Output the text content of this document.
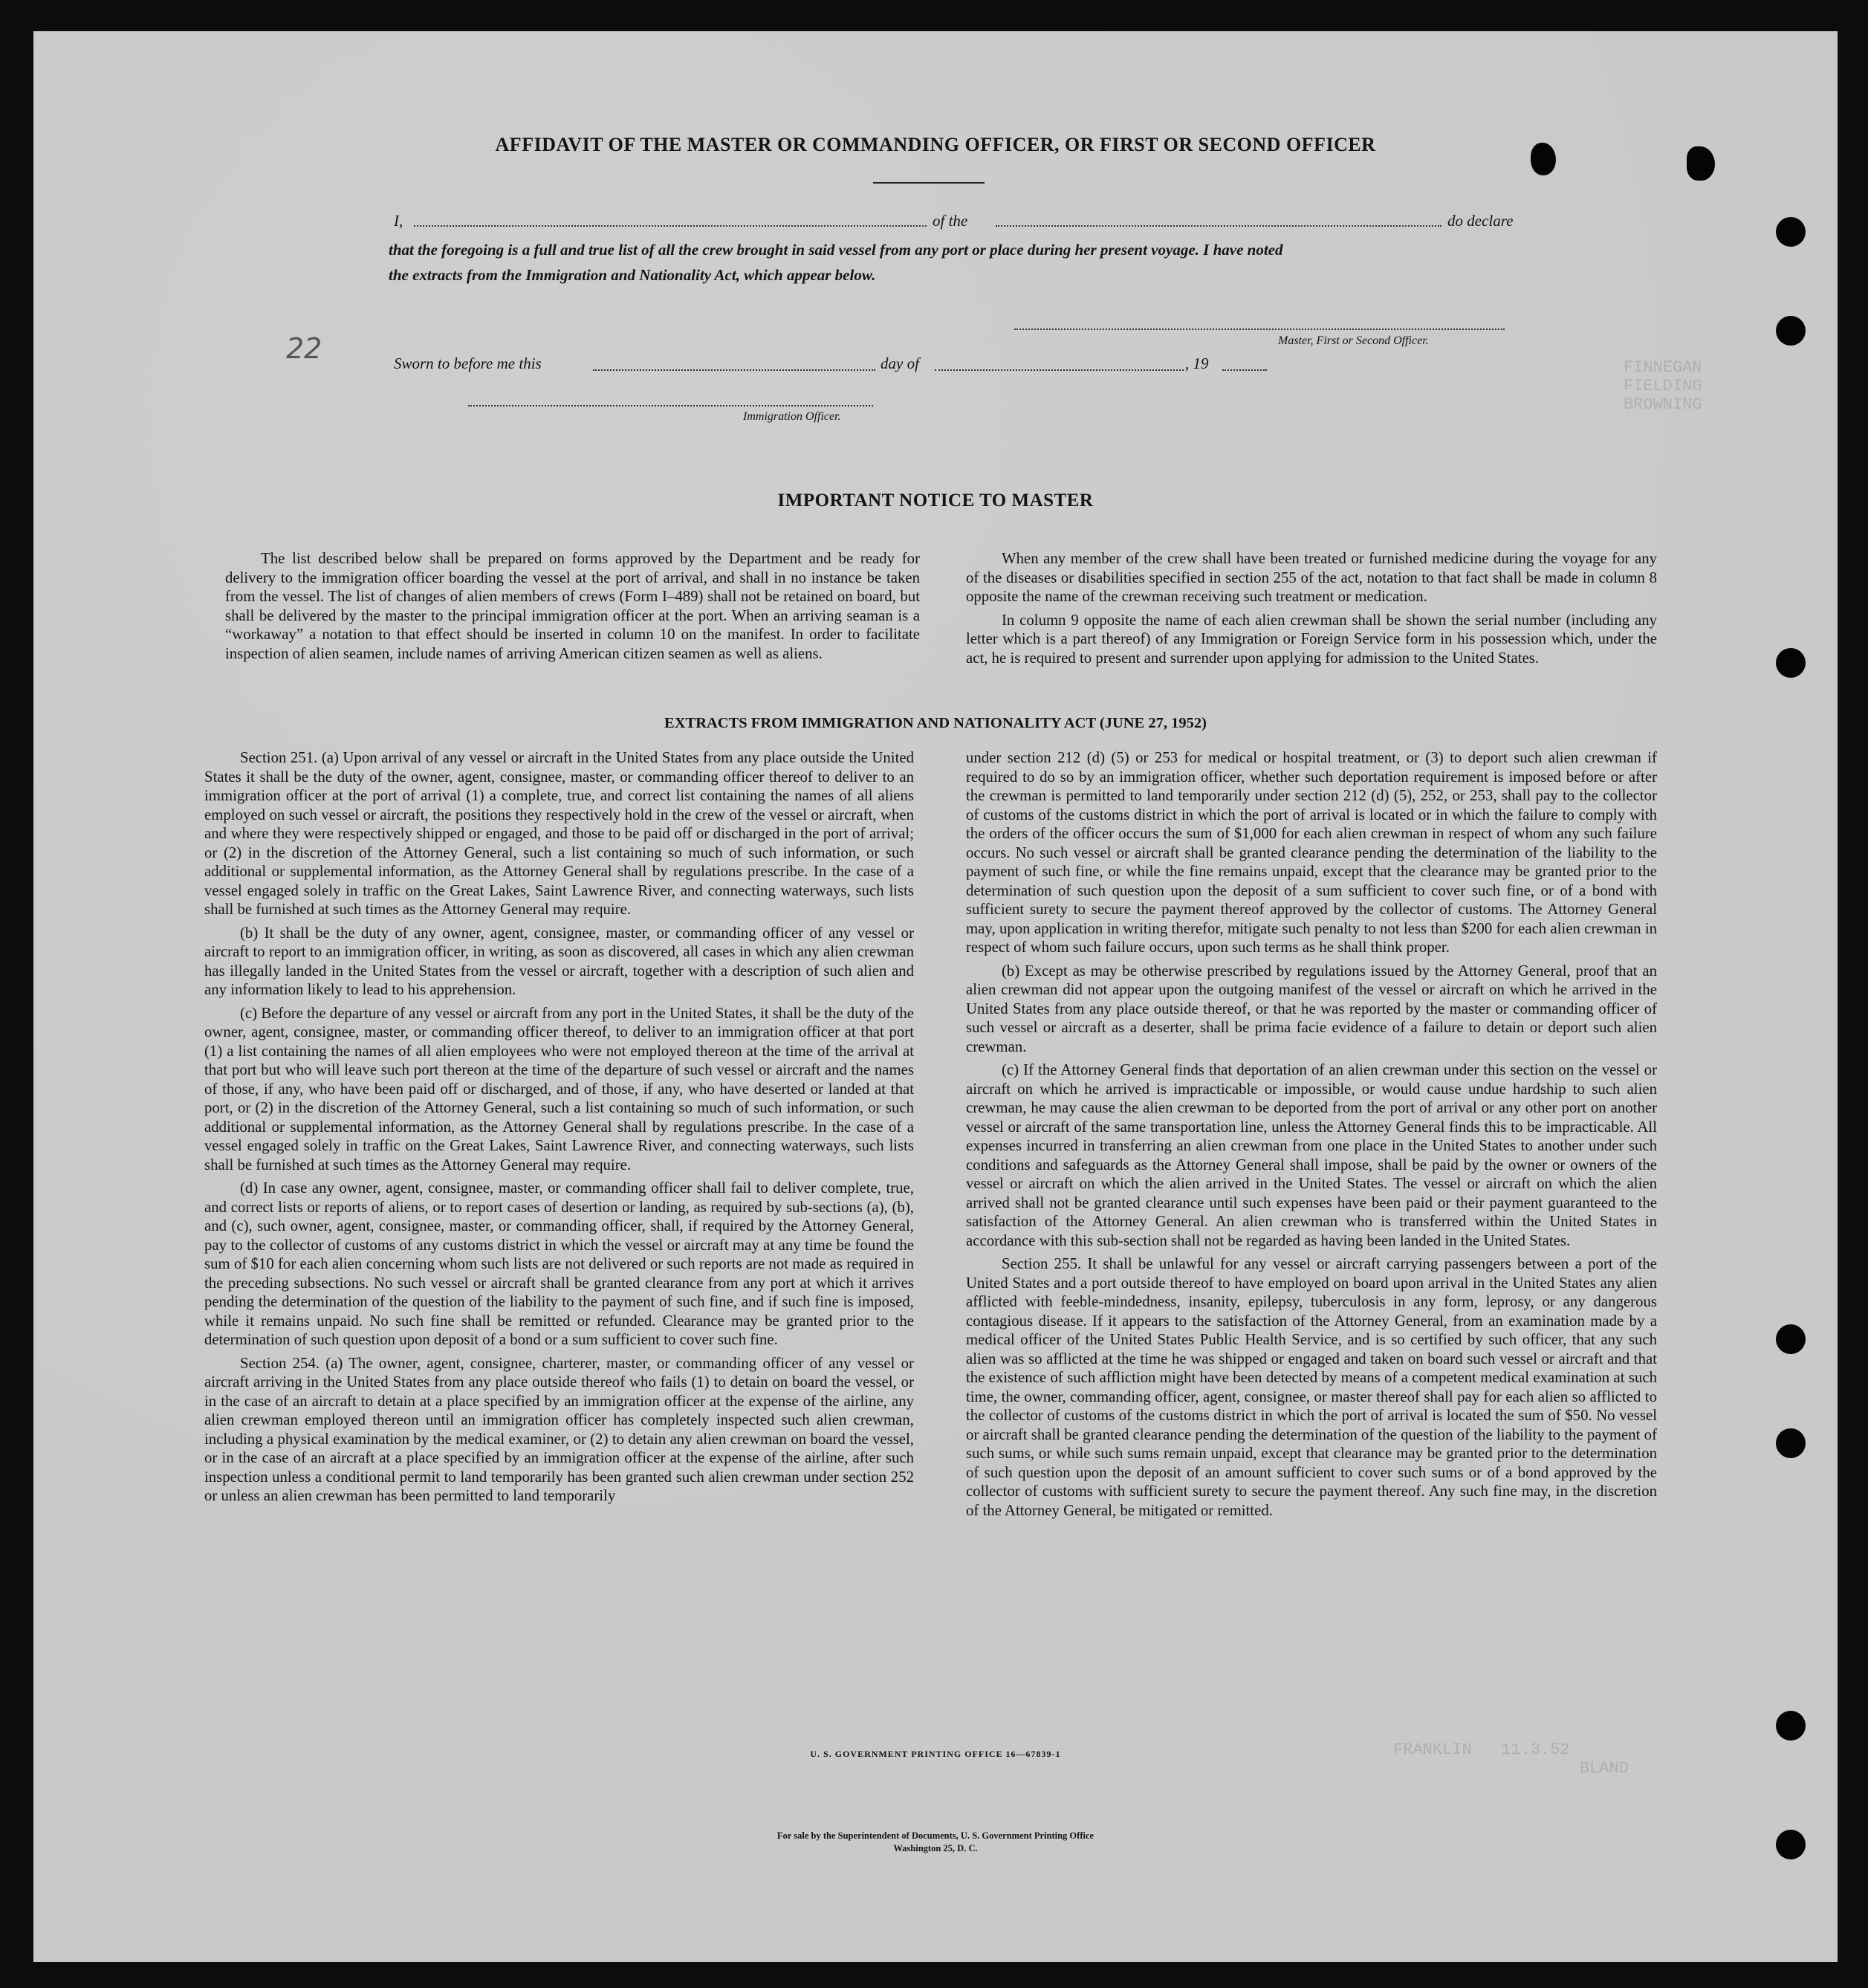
FINNEGAN
FIELDING
BROWNING
FRANKLIN   11.3.52
BLAND
AFFIDAVIT OF THE MASTER OR COMMANDING OFFICER, OR FIRST OR SECOND OFFICER
I,	of the	do declare
that the foregoing is a full and true list of all the crew brought in said vessel from any port or place during her present voyage. I have noted
the extracts from the Immigration and Nationality Act, which appear below.
Master, First or Second Officer.
Sworn to before me this	day of	, 19
Immigration Officer.
22
IMPORTANT NOTICE TO MASTER

The list described below shall be prepared on forms approved by the Department and be ready for delivery to the immigration officer boarding the vessel at the port of arrival, and shall in no instance be taken from the vessel. The list of changes of alien members of crews (Form I–489) shall not be retained on board, but shall be delivered by the master to the principal immigration officer at the port. When an arriving seaman is a “workaway” a notation to that effect should be inserted in column 10 on the manifest. In order to facilitate inspection of alien seamen, include names of arriving American citizen seamen as well as aliens.

When any member of the crew shall have been treated or furnished medicine during the voyage for any of the diseases or disabilities specified in section 255 of the act, notation to that fact shall be made in column 8 opposite the name of the crewman receiving such treatment or medication.

In column 9 opposite the name of each alien crewman shall be shown the serial number (including any letter which is a part thereof) of any Immigration or Foreign Service form in his possession which, under the act, he is required to present and surrender upon applying for admission to the United States.

EXTRACTS FROM IMMIGRATION AND NATIONALITY ACT (JUNE 27, 1952)

Section 251. (a) Upon arrival of any vessel or aircraft in the United States from any place outside the United States it shall be the duty of the owner, agent, consignee, master, or commanding officer thereof to deliver to an immigration officer at the port of arrival (1) a complete, true, and correct list containing the names of all aliens employed on such vessel or aircraft, the positions they respectively hold in the crew of the vessel or aircraft, when and where they were respectively shipped or engaged, and those to be paid off or discharged in the port of arrival; or (2) in the discretion of the Attorney General, such a list containing so much of such information, or such additional or supplemental information, as the Attorney General shall by regulations prescribe. In the case of a vessel engaged solely in traffic on the Great Lakes, Saint Lawrence River, and connecting waterways, such lists shall be furnished at such times as the Attorney General may require.

(b) It shall be the duty of any owner, agent, consignee, master, or commanding officer of any vessel or aircraft to report to an immigration officer, in writing, as soon as discovered, all cases in which any alien crewman has illegally landed in the United States from the vessel or aircraft, together with a description of such alien and any information likely to lead to his apprehension.

(c) Before the departure of any vessel or aircraft from any port in the United States, it shall be the duty of the owner, agent, consignee, master, or commanding officer thereof, to deliver to an immigration officer at that port (1) a list containing the names of all alien employees who were not employed thereon at the time of the arrival at that port but who will leave such port thereon at the time of the departure of such vessel or aircraft and the names of those, if any, who have been paid off or discharged, and of those, if any, who have deserted or landed at that port, or (2) in the discretion of the Attorney General, such a list containing so much of such information, or such additional or supplemental information, as the Attorney General shall by regulations prescribe. In the case of a vessel engaged solely in traffic on the Great Lakes, Saint Lawrence River, and connecting waterways, such lists shall be furnished at such times as the Attorney General may require.

(d) In case any owner, agent, consignee, master, or commanding officer shall fail to deliver complete, true, and correct lists or reports of aliens, or to report cases of desertion or landing, as required by sub-sections (a), (b), and (c), such owner, agent, consignee, master, or commanding officer, shall, if required by the Attorney General, pay to the collector of customs of any customs district in which the vessel or aircraft may at any time be found the sum of $10 for each alien concerning whom such lists are not delivered or such reports are not made as required in the preceding subsections. No such vessel or aircraft shall be granted clearance from any port at which it arrives pending the determination of the question of the liability to the payment of such fine, and if such fine is imposed, while it remains unpaid. No such fine shall be remitted or refunded. Clearance may be granted prior to the determination of such question upon deposit of a bond or a sum sufficient to cover such fine.

Section 254. (a) The owner, agent, consignee, charterer, master, or commanding officer of any vessel or aircraft arriving in the United States from any place outside thereof who fails (1) to detain on board the vessel, or in the case of an aircraft to detain at a place specified by an immigration officer at the expense of the airline, any alien crewman employed thereon until an immigration officer has completely inspected such alien crewman, including a physical examination by the medical examiner, or (2) to detain any alien crewman on board the vessel, or in the case of an aircraft at a place specified by an immigration officer at the expense of the airline, after such inspection unless a conditional permit to land temporarily has been granted such alien crewman under section 252 or unless an alien crewman has been permitted to land temporarily

under section 212 (d) (5) or 253 for medical or hospital treatment, or (3) to deport such alien crewman if required to do so by an immigration officer, whether such deportation requirement is imposed before or after the crewman is permitted to land temporarily under section 212 (d) (5), 252, or 253, shall pay to the collector of customs of the customs district in which the port of arrival is located or in which the failure to comply with the orders of the officer occurs the sum of $1,000 for each alien crewman in respect of whom any such failure occurs. No such vessel or aircraft shall be granted clearance pending the determination of the liability to the payment of such fine, or while the fine remains unpaid, except that the clearance may be granted prior to the determination of such question upon the deposit of a sum sufficient to cover such fine, or of a bond with sufficient surety to secure the payment thereof approved by the collector of customs. The Attorney General may, upon application in writing therefor, mitigate such penalty to not less than $200 for each alien crewman in respect of whom such failure occurs, upon such terms as he shall think proper.

(b) Except as may be otherwise prescribed by regulations issued by the Attorney General, proof that an alien crewman did not appear upon the outgoing manifest of the vessel or aircraft on which he arrived in the United States from any place outside thereof, or that he was reported by the master or commanding officer of such vessel or aircraft as a deserter, shall be prima facie evidence of a failure to detain or deport such alien crewman.

(c) If the Attorney General finds that deportation of an alien crewman under this section on the vessel or aircraft on which he arrived is impracticable or impossible, or would cause undue hardship to such alien crewman, he may cause the alien crewman to be deported from the port of arrival or any other port on another vessel or aircraft of the same transportation line, unless the Attorney General finds this to be impracticable. All expenses incurred in transferring an alien crewman from one place in the United States to another under such conditions and safeguards as the Attorney General shall impose, shall be paid by the owner or owners of the vessel or aircraft on which the alien arrived in the United States. The vessel or aircraft on which the alien arrived shall not be granted clearance until such expenses have been paid or their payment guaranteed to the satisfaction of the Attorney General. An alien crewman who is transferred within the United States in accordance with this sub-section shall not be regarded as having been landed in the United States.

Section 255. It shall be unlawful for any vessel or aircraft carrying passengers between a port of the United States and a port outside thereof to have employed on board upon arrival in the United States any alien afflicted with feeble-mindedness, insanity, epilepsy, tuberculosis in any form, leprosy, or any dangerous contagious disease. If it appears to the satisfaction of the Attorney General, from an examination made by a medical officer of the United States Public Health Service, and is so certified by such officer, that any such alien was so afflicted at the time he was shipped or engaged and taken on board such vessel or aircraft and that the existence of such affliction might have been detected by means of a competent medical examination at such time, the owner, commanding officer, agent, consignee, or master thereof shall pay for each alien so afflicted to the collector of customs of the customs district in which the port of arrival is located the sum of $50. No vessel or aircraft shall be granted clearance pending the determination of the question of the liability to the payment of such sums, or while such sums remain unpaid, except that clearance may be granted prior to the determination of such question upon the deposit of an amount sufficient to cover such sums or of a bond approved by the collector of customs with sufficient surety to secure the payment thereof. Any such fine may, in the discretion of the Attorney General, be mitigated or remitted.

U. S. GOVERNMENT PRINTING OFFICE 16—67839-1
For sale by the Superintendent of Documents, U. S. Government Printing Office
Washington 25, D. C.
